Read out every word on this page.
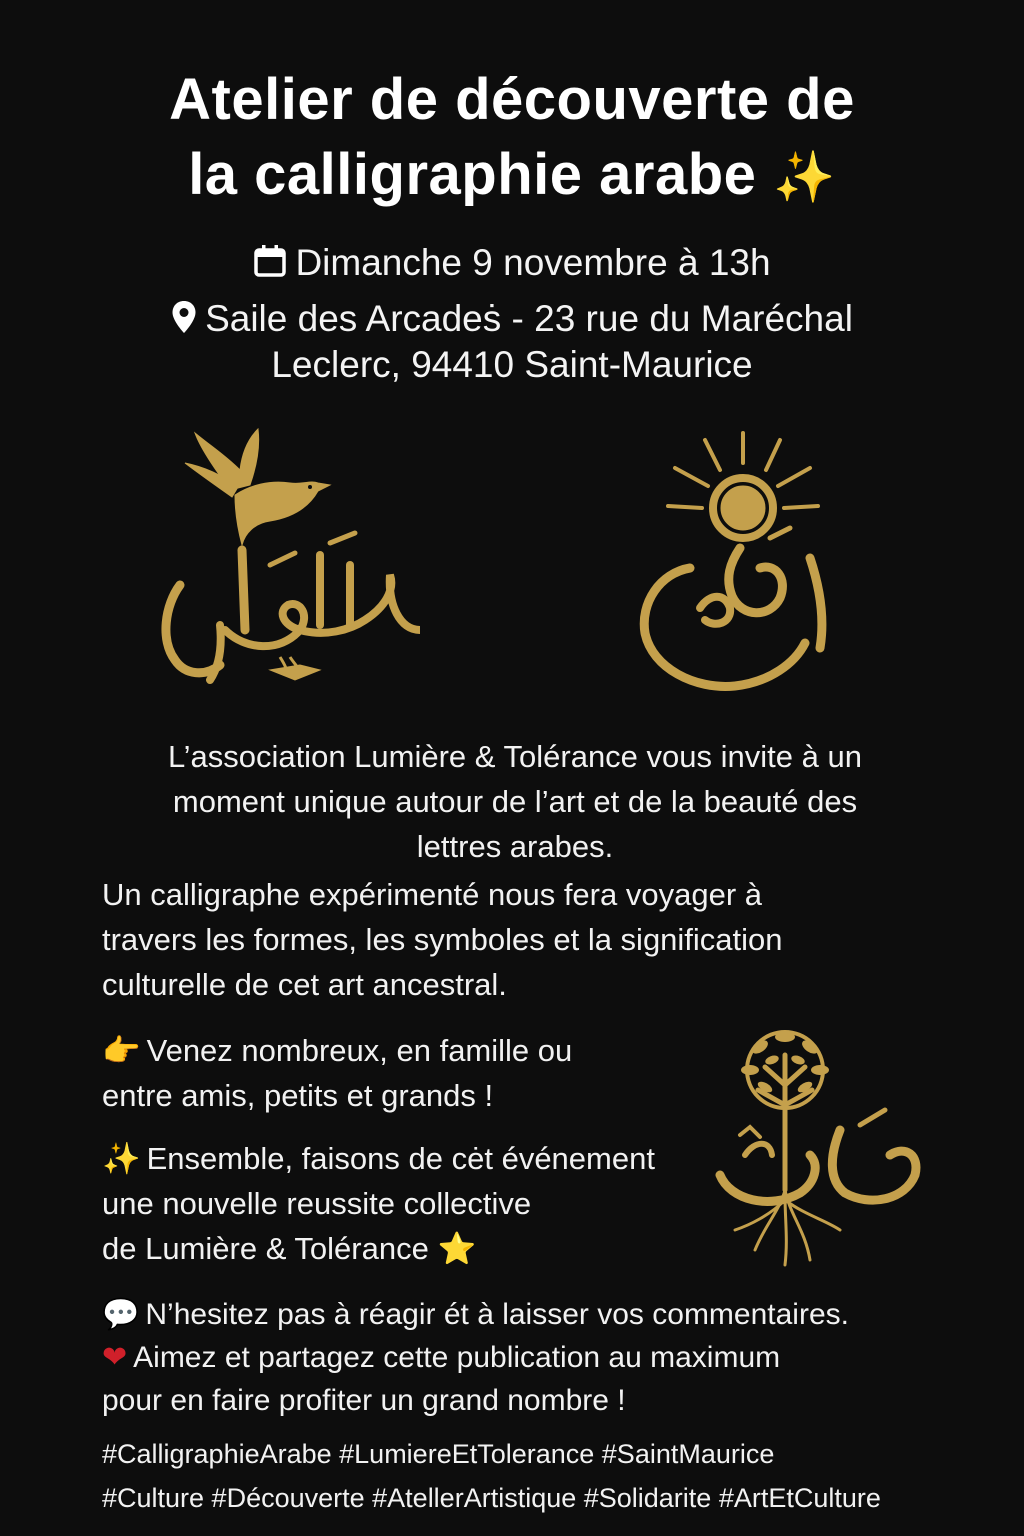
Atelier de découverte de
la calligraphie arabe ✨
Dimanche 9 novembre à 13h
Saile des Arcadeṡ - 23 rue du Maréchal
Leclerc, 94410 Saint-Maurice
L’association Lumière & Tolérance vous invite à un
moment unique autour de l’art et de la beauté des
lettres arabes.
Un calligraphe expérimenté nous fera voyager à
travers les formes, les symboles et la signification
culturelle de cet art ancestral.
👉 Venez nombreux, en famille ou
entre amis, petits et grands !
✨ Ensemble, faisons de cėt événement
une nouvelle reussite collective
de Lumière & Tolérance ⭐
💬 N’hesitez pas à réagir ét à laisser vos commentaires.
❤ Aimez et partagez cette publication au maximum
pour en faire profiter un grand nombre !
#CalligraphieArabe #LumiereEtTolerance #SaintMaurice
#Culture #Découverte #AtellerArtistique #Solidarite #ArtEtCulture
